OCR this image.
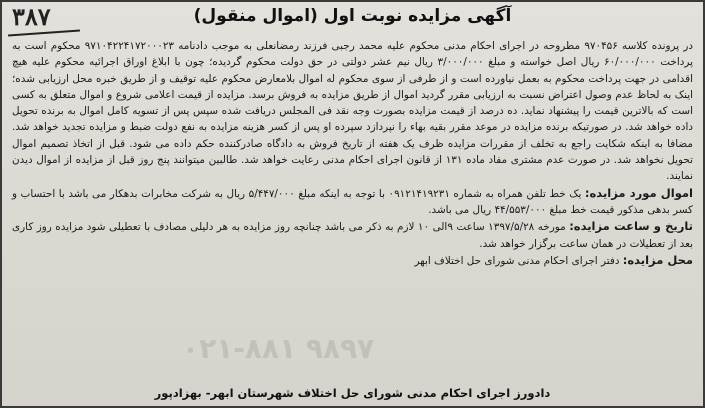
۳۸۷	آگهی مزایده نوبت اول (اموال منقول)

در پرونده کلاسه ۹۷۰۴۵۶ مطروحه در اجرای احکام مدنی محکوم علیه محمد رجبی فرزند رمضانعلی به موجب دادنامه ۹۷۱۰۴۲۲۴۱۷۲۰۰۰۲۳ محکوم است به پرداخت ۶۰/۰۰۰/۰۰۰ ریال اصل خواسته و مبلغ ۳/۰۰۰/۰۰۰ ریال نیم عشر دولتی در حق دولت محکوم گردیده؛ چون با ابلاغ اوراق اجرائیه محکوم علیه هیچ اقدامی در جهت پرداخت محکوم به بعمل نیاورده است و از طرفی از سوی محکوم له اموال بلامعارض محکوم علیه توقیف و از طریق خبره محل ارزیابی شده؛ اینک به لحاظ عدم وصول اعتراض نسبت به ارزیابی مقرر گردید اموال از طریق مزایده به فروش برسد. مزایده از قیمت اعلامی شروع و اموال متعلق به کسی است که بالاترین قیمت را پیشنهاد نماید. ده درصد از قیمت مزایده بصورت وجه نقد فی المجلس دریافت شده سپس پس از تسویه کامل اموال به برنده تحویل داده خواهد شد. در صورتیکه برنده مزایده در موعد مقرر بقیه بهاء را نپردازد سپرده او پس از کسر هزینه مزایده به نفع دولت ضبط و مزایده تجدید خواهد شد. مضافا به اینکه شکایت راجع به تخلف از مقررات مزایده ظرف یک هفته از تاریخ فروش به دادگاه صادرکننده حکم داده می شود. قبل از اتخاذ تصمیم اموال تحویل نخواهد شد. در صورت عدم مشتری مفاد ماده ۱۳۱ از قانون اجرای احکام مدنی رعایت خواهد شد. طالبین میتوانند پنج روز قبل از مزایده از اموال دیدن نمایند.

اموال مورد مزایده: یک خط تلفن همراه به شماره ۰۹۱۲۱۴۱۹۲۳۱ با توجه به اینکه مبلغ ۵/۴۴۷/۰۰۰ ریال به شرکت مخابرات بدهکار می باشد با احتساب و کسر بدهی مذکور قیمت خط مبلغ ۴۴/۵۵۳/۰۰۰ ریال می باشد.

تاریخ و ساعت مزایده: مورخه ۱۳۹۷/۵/۲۸ ساعت ۹الی ۱۰ لازم به ذکر می باشد چنانچه روز مزایده به هر دلیلی مصادف با تعطیلی شود مزایده روز کاری بعد از تعطیلات در همان ساعت برگزار خواهد شد.

محل مزایده: دفتر اجرای احکام مدنی شورای حل اختلاف ابهر

۰۲۱-۸۸۱ ۹۸۹۷
دادورز اجرای احکام مدنی شورای حل اختلاف شهرستان ابهر- بهزادپور
